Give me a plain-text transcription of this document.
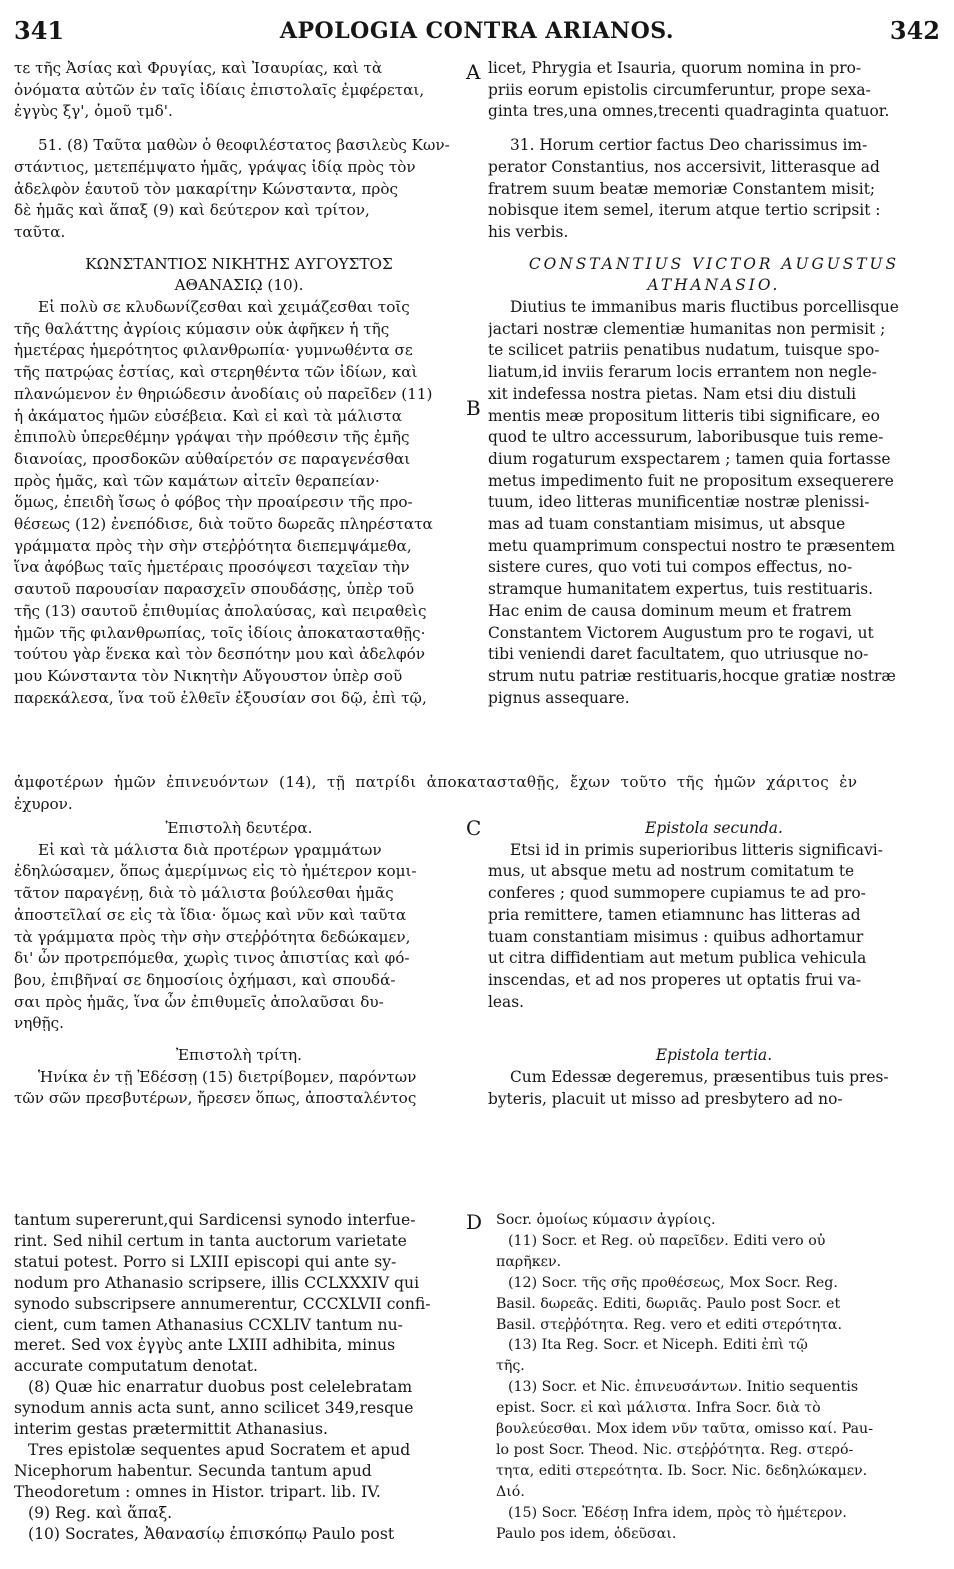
341	APOLOGIA CONTRA ARIANOS.	342
τε τῆς Ἀσίας καὶ Φρυγίας, καὶ Ἰσαυρίας, καὶ τὰ
ὀνόματα αὐτῶν ἐν ταῖς ἰδίαις ἐπιστολαῖς ἐμφέρεται,
ἐγγὺς ξγ', ὁμοῦ τμδ'.
51. (8) Ταῦτα μαθὼν ὁ θεοφιλέστατος βασιλεὺς Κων-
στάντιος, μετεπέμψατο ἡμᾶς, γράψας ἰδίᾳ πρὸς τὸν
ἀδελφὸν ἑαυτοῦ τὸν μακαρίτην Κώνσταντα, πρὸς
δὲ ἡμᾶς καὶ ἅπαξ (9) καὶ δεύτερον καὶ τρίτον,
ταῦτα.
ΚΩΝΣΤΑΝΤΙΟΣ ΝΙΚΗΤΗΣ ΑΥΓΟΥΣΤΟΣ
ΑΘΑΝΑΣΙῼ (10).
Εἰ πολὺ σε κλυδωνίζεσθαι καὶ χειμάζεσθαι τοῖς
τῆς θαλάττης ἀγρίοις κύμασιν οὐκ ἀφῆκεν ἡ τῆς
ἡμετέρας ἡμερότητος φιλανθρωπία· γυμνωθέντα σε
τῆς πατρῴας ἑστίας, καὶ στερηθέντα τῶν ἰδίων, καὶ
πλανώμενον ἐν θηριώδεσιν ἀνοδίαις οὐ παρεῖδεν (11)
ἡ ἀκάματος ἡμῶν εὐσέβεια. Καὶ εἰ καὶ τὰ μάλιστα
ἐπιπολὺ ὑπερεθέμην γράψαι τὴν πρόθεσιν τῆς ἐμῆς
διανοίας, προσδοκῶν αὐθαίρετόν σε παραγενέσθαι
πρὸς ἡμᾶς, καὶ τῶν καμάτων αἰτεῖν θεραπείαν·
ὅμως, ἐπειδὴ ἴσως ὁ φόβος τὴν προαίρεσιν τῆς προ-
θέσεως (12) ἐνεπόδισε, διὰ τοῦτο δωρεᾶς πληρέστατα
γράμματα πρὸς τὴν σὴν στεῤῥότητα διεπεμψάμεθα,
ἵνα ἀφόβως ταῖς ἡμετέραις προσόψεσι ταχεῖαν τὴν
σαυτοῦ παρουσίαν παρασχεῖν σπουδάσῃς, ὑπὲρ τοῦ
τῆς (13) σαυτοῦ ἐπιθυμίας ἀπολαύσας, καὶ πειραθεὶς
ἡμῶν τῆς φιλανθρωπίας, τοῖς ἰδίοις ἀποκατασταθῇς·
τούτου γὰρ ἕνεκα καὶ τὸν δεσπότην μου καὶ ἀδελφόν
μου Κώνσταντα τὸν Νικητὴν Αὔγουστον ὑπὲρ σοῦ
παρεκάλεσα, ἵνα τοῦ ἐλθεῖν ἐξουσίαν σοι δῷ, ἐπὶ τῷ,
licet, Phrygia et Isauria, quorum nomina in pro-
priis eorum epistolis circumferuntur, prope sexa-
ginta tres,una omnes,trecenti quadraginta quatuor.
31. Horum certior factus Deo charissimus im-
perator Constantius, nos accersivit, litterasque ad
fratrem suum beatæ memoriæ Constantem misit;
nobisque item semel, iterum atque tertio scripsit :
his verbis.
CONSTANTIUS VICTOR AUGUSTUS
ATHANASIO.
Diutius te immanibus maris fluctibus porcellisque
jactari nostræ clementiæ humanitas non permisit ;
te scilicet patriis penatibus nudatum, tuisque spo-
liatum,id inviis ferarum locis errantem non negle-
xit indefessa nostra pietas. Nam etsi diu distuli
mentis meæ propositum litteris tibi significare, eo
quod te ultro accessurum, laboribusque tuis reme-
dium rogaturum exspectarem ; tamen quia fortasse
metus impedimento fuit ne propositum exsequerere
tuum, ideo litteras munificentiæ nostræ plenissi-
mas ad tuam constantiam misimus, ut absque
metu quamprimum conspectui nostro te præsentem
sistere cures, quo voti tui compos effectus, no-
stramque humanitatem expertus, tuis restituaris.
Hac enim de causa dominum meum et fratrem
Constantem Victorem Augustum pro te rogavi, ut
tibi veniendi daret facultatem, quo utriusque no-
strum nutu patriæ restituaris,hocque gratiæ nostræ
pignus assequare.
A
B
C
D
ἀμφοτέρων ἡμῶν ἐπινευόντων (14), τῇ πατρίδι ἀποκατασταθῇς, ἔχων τοῦτο τῆς ἡμῶν χάριτος ἐν
ἐχυρον.
Ἐπιστολὴ δευτέρα.
Εἰ καὶ τὰ μάλιστα διὰ προτέρων γραμμάτων
ἐδηλώσαμεν, ὅπως ἀμερίμνως εἰς τὸ ἡμέτερον κομι-
τᾶτον παραγένῃ, διὰ τὸ μάλιστα βούλεσθαι ἡμᾶς
ἀποστεῖλαί σε εἰς τὰ ἴδια· ὅμως καὶ νῦν καὶ ταῦτα
τὰ γράμματα πρὸς τὴν σὴν στεῤῥότητα δεδώκαμεν,
δι' ὧν προτρεπόμεθα, χωρὶς τινος ἀπιστίας καὶ φό-
βου, ἐπιβῆναί σε δημοσίοις ὀχήμασι, καὶ σπουδά-
σαι πρὸς ἡμᾶς, ἵνα ὧν ἐπιθυμεῖς ἀπολαῦσαι δυ-
νηθῇς.
Ἐπιστολὴ τρίτη.
Ἡνίκα ἐν τῇ Ἐδέσσῃ (15) διετρίβομεν, παρόντων
τῶν σῶν πρεσβυτέρων, ἤρεσεν ὅπως, ἀποσταλέντος
Epistola secunda.
Etsi id in primis superioribus litteris significavi-
mus, ut absque metu ad nostrum comitatum te
conferes ; quod summopere cupiamus te ad pro-
pria remittere, tamen etiamnunc has litteras ad
tuam constantiam misimus : quibus adhortamur
ut citra diffidentiam aut metum publica vehicula
inscendas, et ad nos properes ut optatis frui va-
leas.
Epistola tertia.
Cum Edessæ degeremus, præsentibus tuis pres-
byteris, placuit ut misso ad presbytero ad no-
tantum supererunt,qui Sardicensi synodo interfue-
rint. Sed nihil certum in tanta auctorum varietate
statui potest. Porro si LXIII episcopi qui ante sy-
nodum pro Athanasio scripsere, illis CCLXXXIV qui
synodo subscripsere annumerentur, CCCXLVII confi-
cient, cum tamen Athanasius CCXLIV tantum nu-
meret. Sed vox ἐγγὺς ante LXIII adhibita, minus
accurate computatum denotat.
(8) Quæ hic enarratur duobus post celelebratam
synodum annis acta sunt, anno scilicet 349,resque
interim gestas prætermittit Athanasius.
Tres epistolæ sequentes apud Socratem et apud
Nicephorum habentur. Secunda tantum apud
Theodoretum : omnes in Histor. tripart. lib. IV.
(9) Reg. καὶ ἅπαξ.
(10) Socrates, Ἀθανασίῳ ἐπισκόπῳ Paulo post
Socr. ὁμοίως κύμασιν ἀγρίοις.
(11) Socr. et Reg. οὐ παρεῖδεν. Editi vero οὐ
παρῆκεν.
(12) Socr. τῆς σῆς προθέσεως, Mox Socr. Reg.
Basil. δωρεᾶς. Editi, δωριᾶς. Paulo post Socr. et
Basil. στεῤῥότητα. Reg. vero et editi στερότητα.
(13) Ita Reg. Socr. et Niceph. Editi ἐπὶ τῷ
τῆς.
(13) Socr. et Nic. ἐπινευσάντων. Initio sequentis
epist. Socr. εἰ καὶ μάλιστα. Infra Socr. διὰ τὸ
βουλεύεσθαι. Mox idem νῦν ταῦτα, omisso καί. Pau-
lo post Socr. Theod. Nic. στεῤῥότητα. Reg. στερό-
τητα, editi στερεότητα. Ib. Socr. Nic. δεδηλώκαμεν.
Διό.
(15) Socr. Ἐδέσῃ Infra idem, πρὸς τὸ ἡμέτερον.
Paulo pos idem, ὁδεῦσαι.
